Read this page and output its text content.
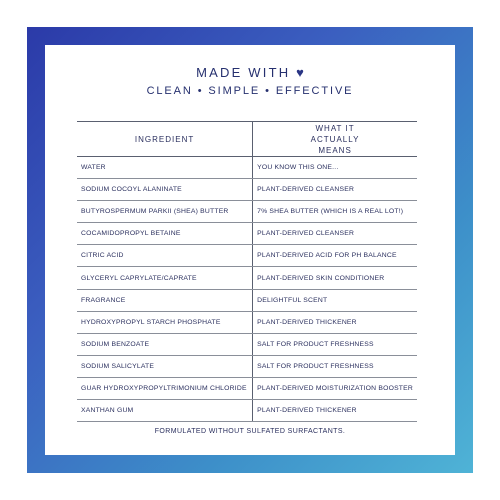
MADE WITH ♥
CLEAN • SIMPLE • EFFECTIVE
INGREDIENT	WHAT IT ACTUALLY MEANS
WATER	YOU KNOW THIS ONE...
SODIUM COCOYL ALANINATE	PLANT-DERIVED CLEANSER
BUTYROSPERMUM PARKII (SHEA) BUTTER	7% SHEA BUTTER (WHICH IS A REAL LOT!)
COCAMIDOPROPYL BETAINE	PLANT-DERIVED CLEANSER
CITRIC ACID	PLANT-DERIVED ACID FOR PH BALANCE
GLYCERYL CAPRYLATE/CAPRATE	PLANT-DERIVED SKIN CONDITIONER
FRAGRANCE	DELIGHTFUL SCENT
HYDROXYPROPYL STARCH PHOSPHATE	PLANT-DERIVED THICKENER
SODIUM BENZOATE	SALT FOR PRODUCT FRESHNESS
SODIUM SALICYLATE	SALT FOR PRODUCT FRESHNESS
GUAR HYDROXYPROPYLTRIMONIUM CHLORIDE	PLANT-DERIVED MOISTURIZATION BOOSTER
XANTHAN GUM	PLANT-DERIVED THICKENER
FORMULATED WITHOUT SULFATED SURFACTANTS.
